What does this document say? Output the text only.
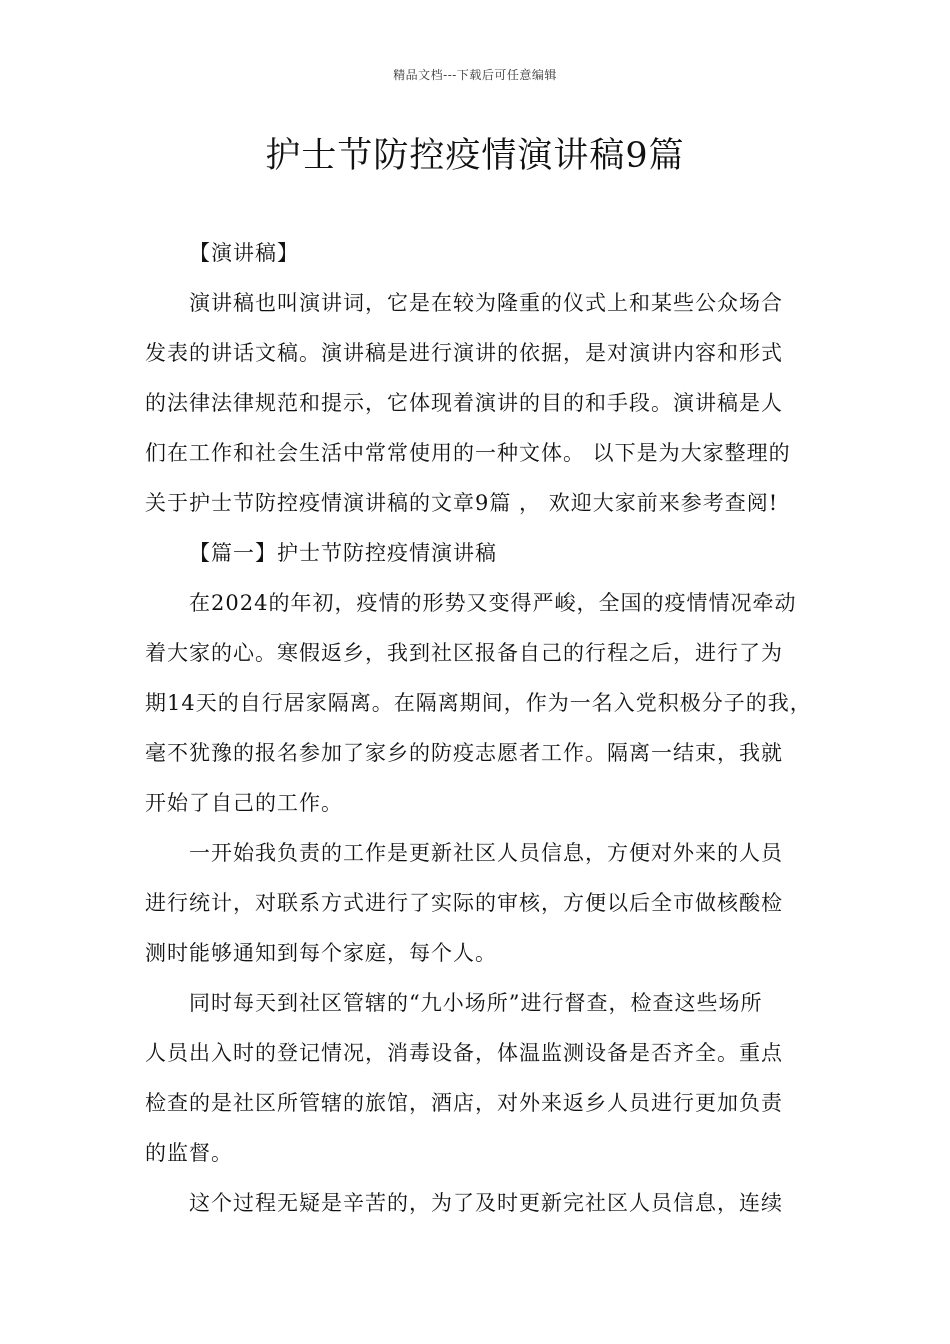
精品文档---下载后可任意编辑
护士节防控疫情演讲稿9篇
【演讲稿】
演讲稿也叫演讲词，它是在较为隆重的仪式上和某些公众场合
发表的讲话文稿。演讲稿是进行演讲的依据，是对演讲内容和形式
的法律法律规范和提示，它体现着演讲的目的和手段。演讲稿是人
们在工作和社会生活中常常使用的一种文体。 以下是为大家整理的
关于护士节防控疫情演讲稿的文章9篇 ， 欢迎大家前来参考查阅!
【篇一】护士节防控疫情演讲稿
在2024的年初，疫情的形势又变得严峻，全国的疫情情况牵动
着大家的心。寒假返乡，我到社区报备自己的行程之后，进行了为
期14天的自行居家隔离。在隔离期间，作为一名入党积极分子的我，
毫不犹豫的报名参加了家乡的防疫志愿者工作。隔离一结束，我就
开始了自己的工作。
一开始我负责的工作是更新社区人员信息，方便对外来的人员
进行统计，对联系方式进行了实际的审核，方便以后全市做核酸检
测时能够通知到每个家庭，每个人。
同时每天到社区管辖的“九小场所”进行督查，检查这些场所
人员出入时的登记情况，消毒设备，体温监测设备是否齐全。重点
检查的是社区所管辖的旅馆，酒店，对外来返乡人员进行更加负责
的监督。
这个过程无疑是辛苦的，为了及时更新完社区人员信息，连续
